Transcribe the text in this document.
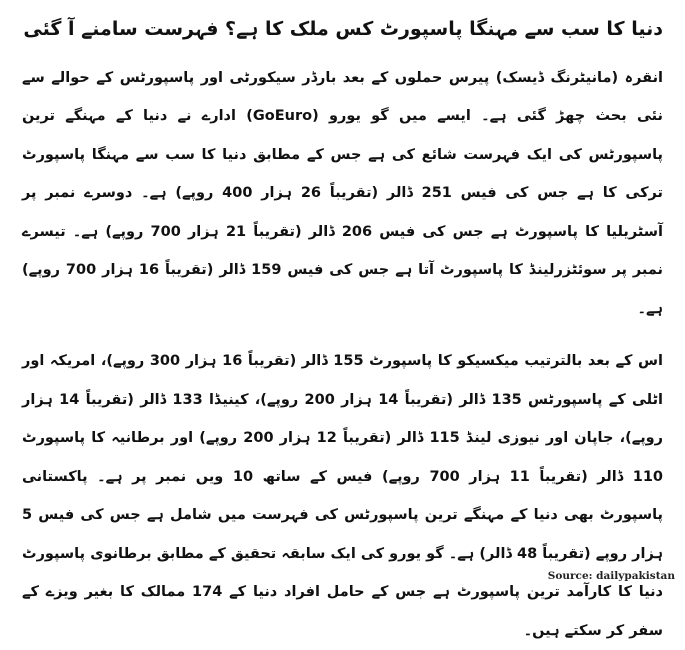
دنیا کا سب سے مہنگا پاسپورٹ کس ملک کا ہے؟ فہرست سامنے آ گئی

انقرہ (مانیٹرنگ ڈیسک) پیرس حملوں کے بعد بارڈر سیکورٹی اور پاسپورٹس کے حوالے سے نئی بحث چھڑ گئی ہے۔ ایسے میں گو یورو (GoEuro) ادارے نے دنیا کے مہنگے ترین پاسپورٹس کی ایک فہرست شائع کی ہے جس کے مطابق دنیا کا سب سے مہنگا پاسپورٹ ترکی کا ہے جس کی فیس 251 ڈالر (تقریباً 26 ہزار 400 روپے) ہے۔ دوسرے نمبر پر آسٹریلیا کا پاسپورٹ ہے جس کی فیس 206 ڈالر (تقریباً 21 ہزار 700 روپے) ہے۔ تیسرے نمبر پر سوئٹزرلینڈ کا پاسپورٹ آتا ہے جس کی فیس 159 ڈالر (تقریباً 16 ہزار 700 روپے) ہے۔

اس کے بعد بالترتیب میکسیکو کا پاسپورٹ 155 ڈالر (تقریباً 16 ہزار 300 روپے)، امریکہ اور اٹلی کے پاسپورٹس 135 ڈالر (تقریباً 14 ہزار 200 روپے)، کینیڈا 133 ڈالر (تقریباً 14 ہزار روپے)، جاپان اور نیوزی لینڈ 115 ڈالر (تقریباً 12 ہزار 200 روپے) اور برطانیہ کا پاسپورٹ 110 ڈالر (تقریباً 11 ہزار 700 روپے) فیس کے ساتھ 10 ویں نمبر پر ہے۔ پاکستانی پاسپورٹ بھی دنیا کے مہنگے ترین پاسپورٹس کی فہرست میں شامل ہے جس کی فیس 5 ہزار روپے (تقریباً 48 ڈالر) ہے۔ گو یورو کی ایک سابقہ تحقیق کے مطابق برطانوی پاسپورٹ دنیا کا کارآمد ترین پاسپورٹ ہے جس کے حامل افراد دنیا کے 174 ممالک کا بغیر ویزے کے سفر کر سکتے ہیں۔

Source: dailypakistan
